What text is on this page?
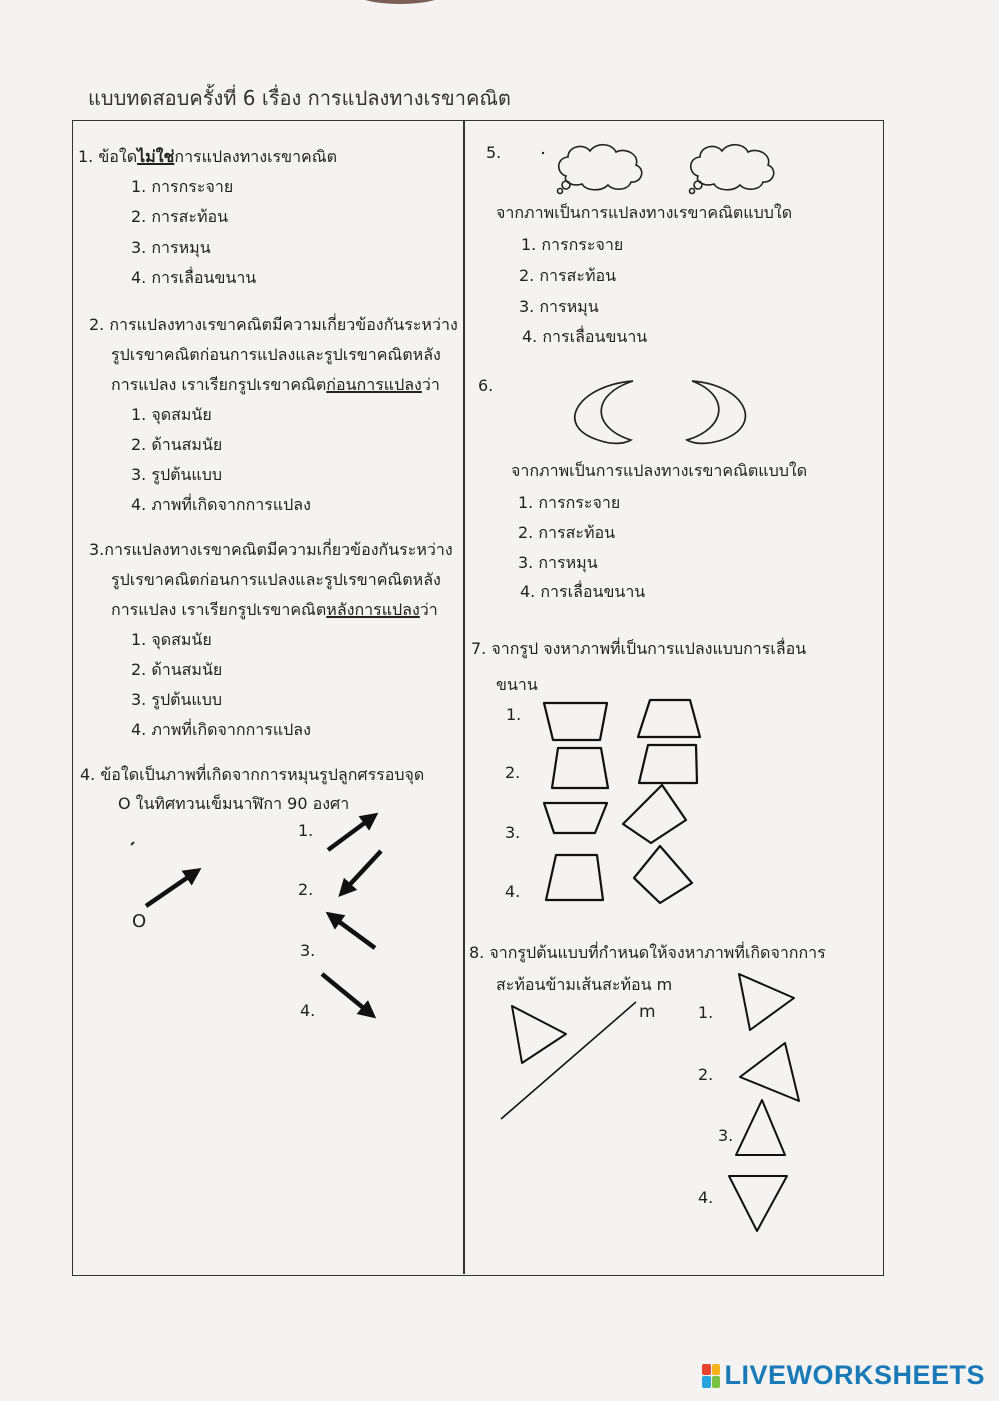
แบบทดสอบครั้งที่ 6 เรื่อง การแปลงทางเรขาคณิต
1. ข้อใดไม่ใช่การแปลงทางเรขาคณิต
1. การกระจาย
2. การสะท้อน
3. การหมุน
4. การเลื่อนขนาน
2. การแปลงทางเรขาคณิตมีความเกี่ยวข้องกันระหว่าง
รูปเรขาคณิตก่อนการแปลงและรูปเรขาคณิตหลัง
การแปลง เราเรียกรูปเรขาคณิตก่อนการแปลงว่า
1. จุดสมนัย
2. ด้านสมนัย
3. รูปต้นแบบ
4. ภาพที่เกิดจากการแปลง
3.การแปลงทางเรขาคณิตมีความเกี่ยวข้องกันระหว่าง
รูปเรขาคณิตก่อนการแปลงและรูปเรขาคณิตหลัง
การแปลง เราเรียกรูปเรขาคณิตหลังการแปลงว่า
1. จุดสมนัย
2. ด้านสมนัย
3. รูปต้นแบบ
4. ภาพที่เกิดจากการแปลง
4. ข้อใดเป็นภาพที่เกิดจากการหมุนรูปลูกศรรอบจุด
O ในทิศทวนเข็มนาฬิกา 90 องศา
1.
2.
3.
4.
O
5.
จากภาพเป็นการแปลงทางเรขาคณิตแบบใด
1. การกระจาย
2. การสะท้อน
3. การหมุน
4. การเลื่อนขนาน
6.
จากภาพเป็นการแปลงทางเรขาคณิตแบบใด
1. การกระจาย
2. การสะท้อน
3. การหมุน
4. การเลื่อนขนาน
7. จากรูป จงหาภาพที่เป็นการแปลงแบบการเลื่อน
ขนาน
1.
2.
3.
4.
8. จากรูปต้นแบบที่กำหนดให้จงหาภาพที่เกิดจากการ
สะท้อนข้ามเส้นสะท้อน m
m	1.
2.
3.
4.
LIVEWORKSHEETS
